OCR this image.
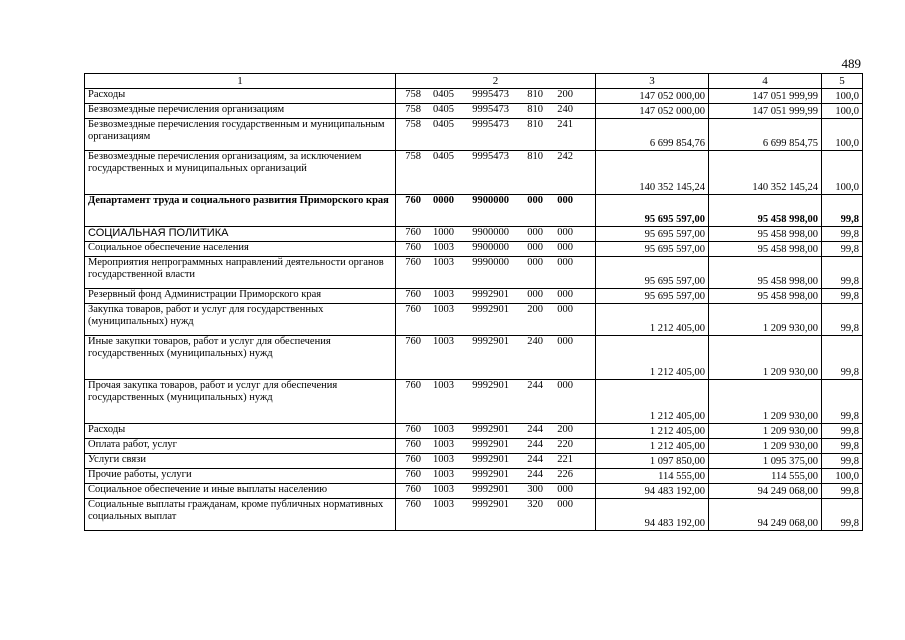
489
1	2	3	4	5
Расходы	758 0405 9995473 810 200	147 052 000,00	147 051 999,99	100,0
Безвозмездные перечисления организациям	758 0405 9995473 810 240	147 052 000,00	147 051 999,99	100,0
Безвозмездные перечисления государственным и муниципальным организациям	758 0405 9995473 810 241	6 699 854,76	6 699 854,75	100,0
Безвозмездные перечисления организациям, за исключением государственных и муниципальных организаций	758 0405 9995473 810 242	140 352 145,24	140 352 145,24	100,0
Департамент труда и социального развития Приморского края	760 0000 9900000 000 000	95 695 597,00	95 458 998,00	99,8
СОЦИАЛЬНАЯ ПОЛИТИКА	760 1000 9900000 000 000	95 695 597,00	95 458 998,00	99,8
Социальное обеспечение населения	760 1003 9900000 000 000	95 695 597,00	95 458 998,00	99,8
Мероприятия непрограммных направлений деятельности органов государственной власти	760 1003 9990000 000 000	95 695 597,00	95 458 998,00	99,8
Резервный фонд Администрации Приморского края	760 1003 9992901 000 000	95 695 597,00	95 458 998,00	99,8
Закупка товаров, работ и услуг для государственных (муниципальных) нужд	760 1003 9992901 200 000	1 212 405,00	1 209 930,00	99,8
Иные закупки товаров, работ и услуг для обеспечения государственных (муниципальных) нужд	760 1003 9992901 240 000	1 212 405,00	1 209 930,00	99,8
Прочая закупка товаров, работ и услуг для обеспечения государственных (муниципальных) нужд	760 1003 9992901 244 000	1 212 405,00	1 209 930,00	99,8
Расходы	760 1003 9992901 244 200	1 212 405,00	1 209 930,00	99,8
Оплата работ, услуг	760 1003 9992901 244 220	1 212 405,00	1 209 930,00	99,8
Услуги связи	760 1003 9992901 244 221	1 097 850,00	1 095 375,00	99,8
Прочие работы, услуги	760 1003 9992901 244 226	114 555,00	114 555,00	100,0
Социальное обеспечение и иные выплаты населению	760 1003 9992901 300 000	94 483 192,00	94 249 068,00	99,8
Социальные выплаты гражданам, кроме публичных нормативных социальных выплат	760 1003 9992901 320 000	94 483 192,00	94 249 068,00	99,8
